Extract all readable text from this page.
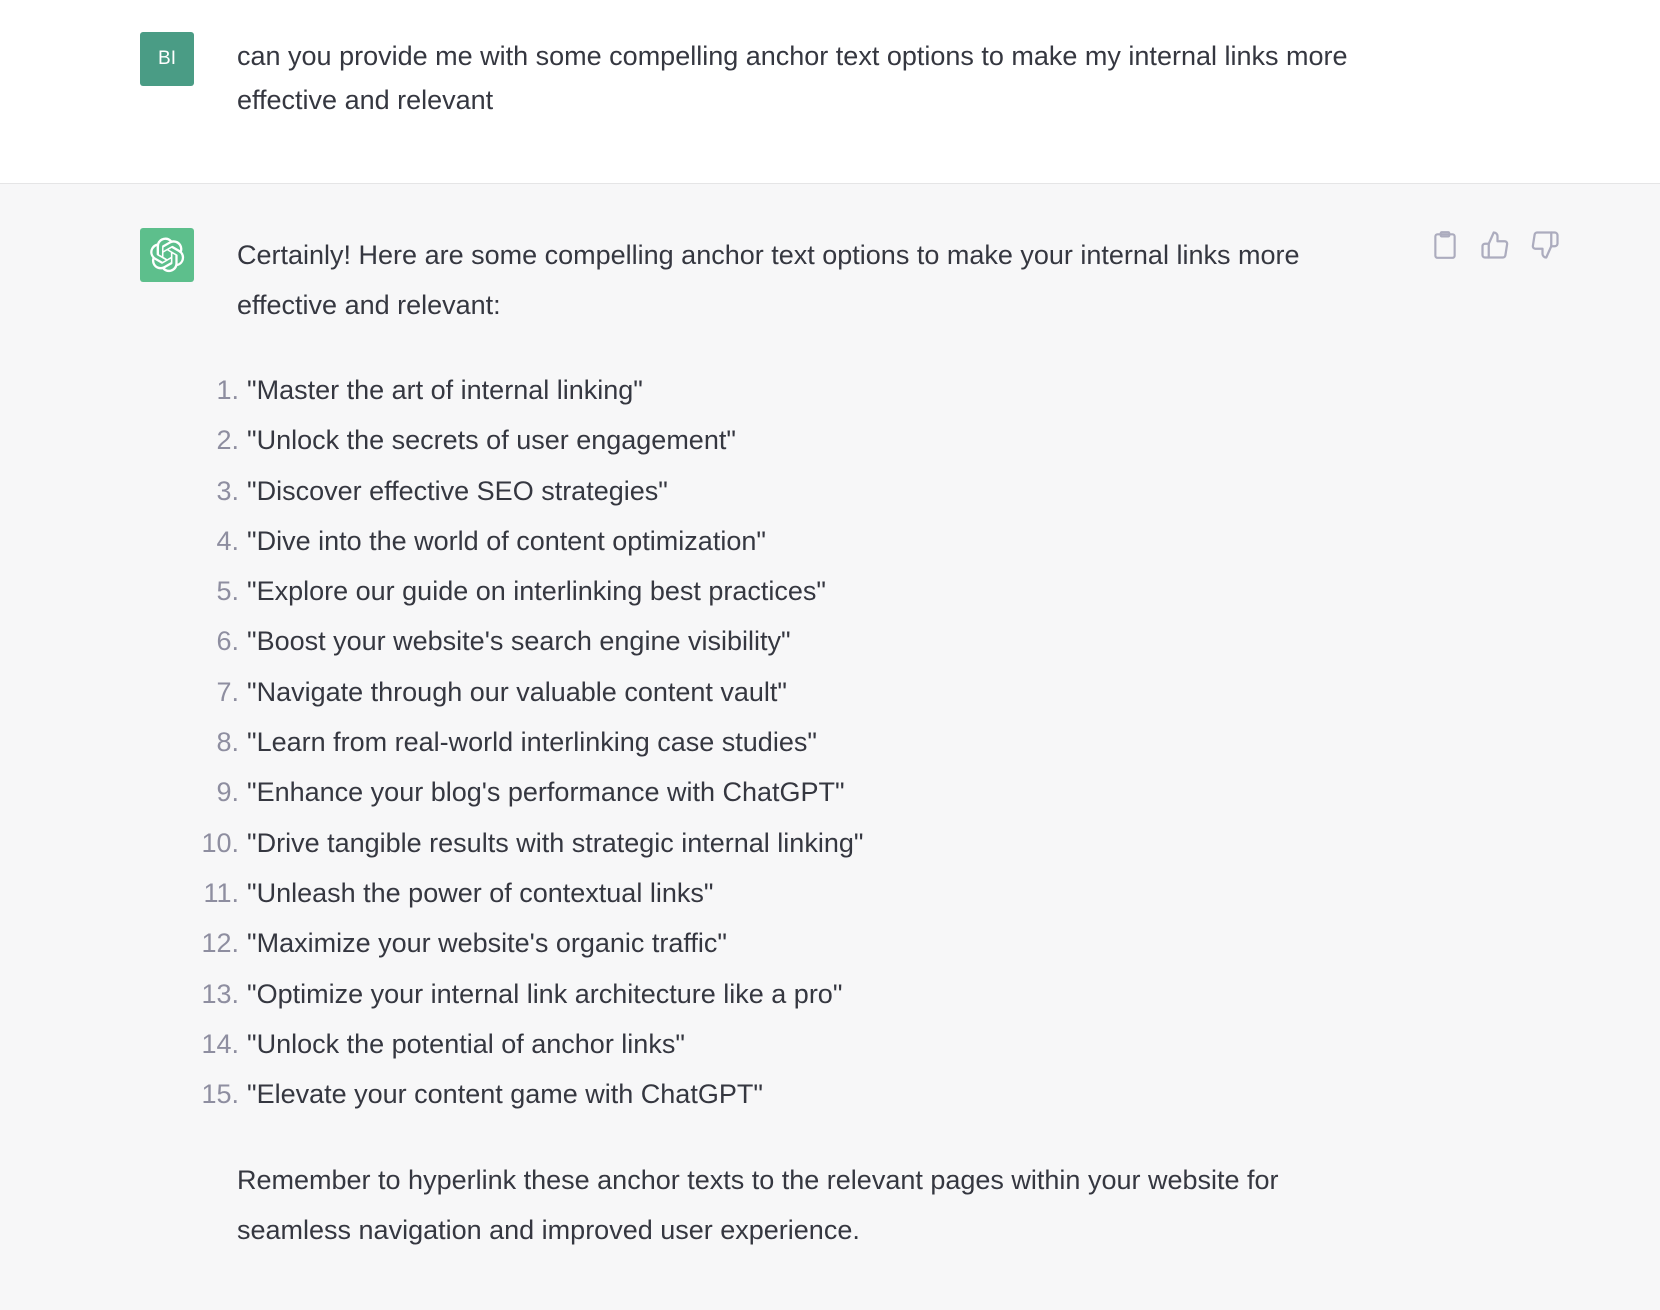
BI can you provide me with some compelling anchor text options to make my internal links more effective and relevant

Certainly! Here are some compelling anchor text options to make your internal links more effective and relevant:

1. "Master the art of internal linking"
2. "Unlock the secrets of user engagement"
3. "Discover effective SEO strategies"
4. "Dive into the world of content optimization"
5. "Explore our guide on interlinking best practices"
6. "Boost your website's search engine visibility"
7. "Navigate through our valuable content vault"
8. "Learn from real-world interlinking case studies"
9. "Enhance your blog's performance with ChatGPT"
10. "Drive tangible results with strategic internal linking"
11. "Unleash the power of contextual links"
12. "Maximize your website's organic traffic"
13. "Optimize your internal link architecture like a pro"
14. "Unlock the potential of anchor links"
15. "Elevate your content game with ChatGPT"

Remember to hyperlink these anchor texts to the relevant pages within your website for seamless navigation and improved user experience.
